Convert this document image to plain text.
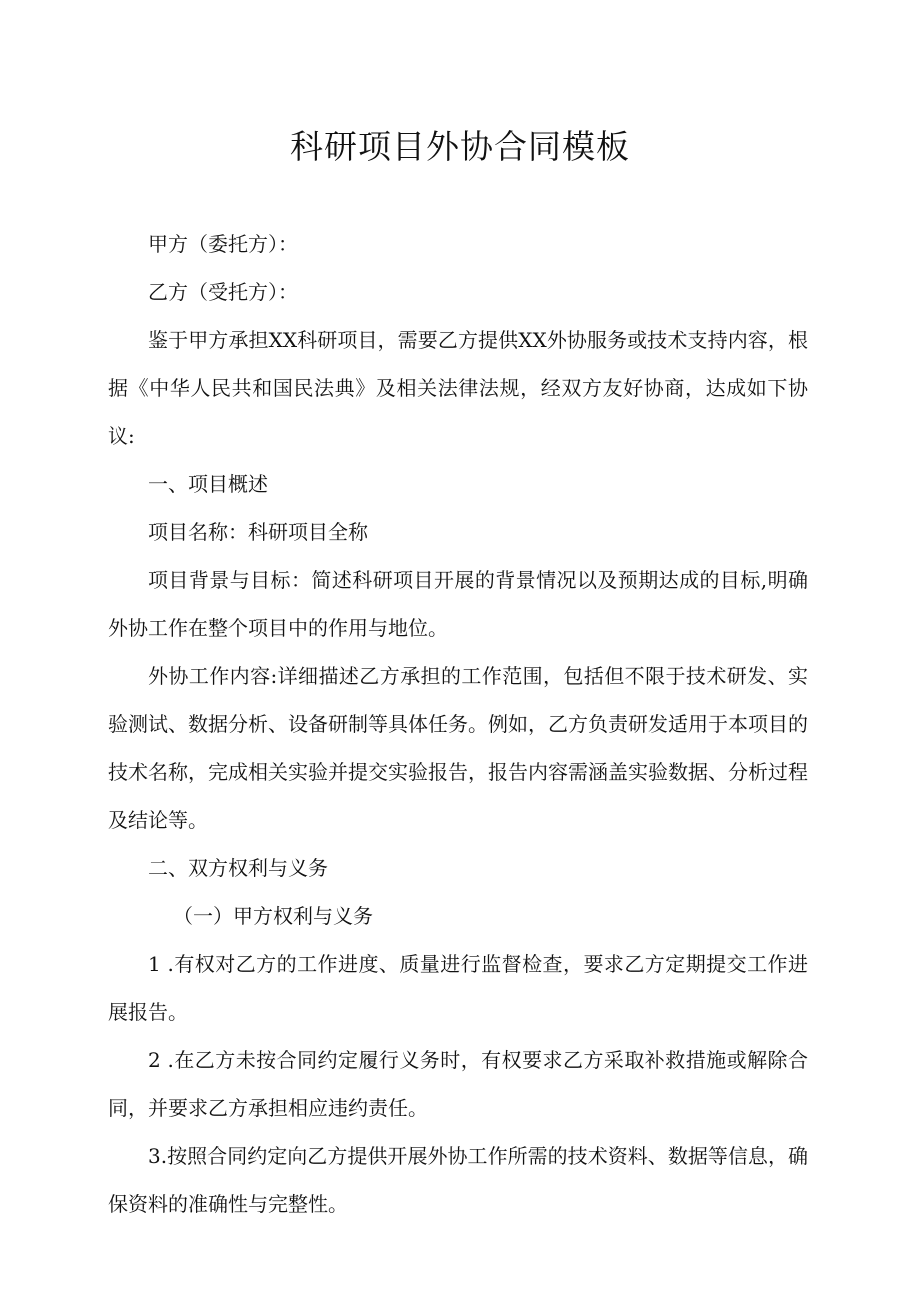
科研项目外协合同模板

甲方（委托方）：

乙方（受托方）：

鉴于甲方承担XX科研项目，需要乙方提供XX外协服务或技术支持内容，根据《中华人民共和国民法典》及相关法律法规，经双方友好协商，达成如下协议:

一、项目概述

项目名称：科研项目全称

项目背景与目标：简述科研项目开展的背景情况以及预期达成的目标,明确外协工作在整个项目中的作用与地位。

外协工作内容:详细描述乙方承担的工作范围，包括但不限于技术研发、实验测试、数据分析、设备研制等具体任务。例如，乙方负责研发适用于本项目的技术名称，完成相关实验并提交实验报告，报告内容需涵盖实验数据、分析过程及结论等。

二、双方权利与义务

（一）甲方权利与义务

1 .有权对乙方的工作进度、质量进行监督检查，要求乙方定期提交工作进展报告。

2 .在乙方未按合同约定履行义务时，有权要求乙方采取补救措施或解除合同，并要求乙方承担相应违约责任。

3.按照合同约定向乙方提供开展外协工作所需的技术资料、数据等信息，确保资料的准确性与完整性。
